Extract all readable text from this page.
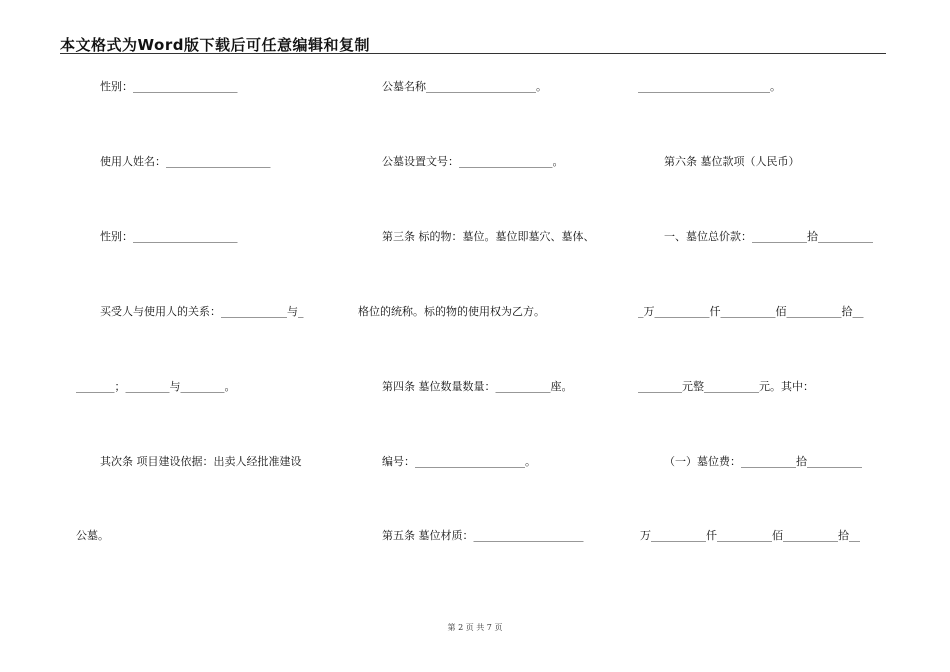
本文格式为Word版下载后可任意编辑和复制
性别：___________________
使用人姓名：___________________
性别：___________________
买受人与使用人的关系：____________与_
_______；________与________。
其次条 项目建设依据：出卖人经批准建设
公墓。
公墓名称____________________。
公墓设置文号：_________________。
第三条 标的物：墓位。墓位即墓穴、墓体、
格位的统称。标的物的使用权为乙方。
第四条 墓位数量数量：__________座。
编号：____________________。
第五条 墓位材质：____________________
________________________。
第六条 墓位款项（人民币）
一、墓位总价款：__________拾__________
_万__________仟__________佰__________拾__
________元整__________元。其中：
（一）墓位费：__________拾__________
万__________仟__________佰__________拾__
第 2 页 共 7 页
